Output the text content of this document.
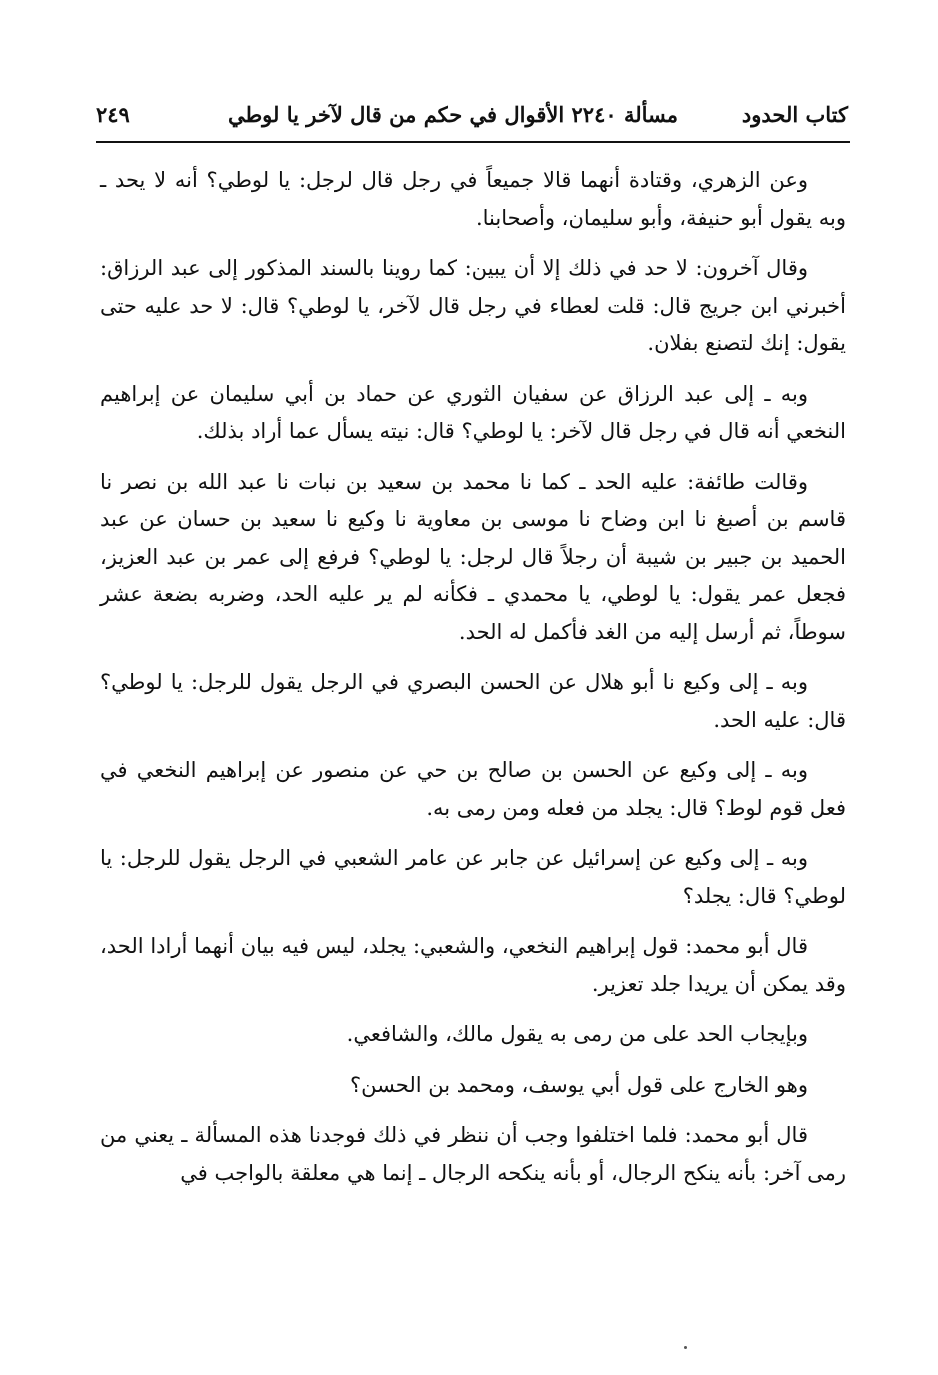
كتاب الحدود
مسألة ٢٢٤٠ الأقوال في حكم من قال لآخر يا لوطي
٢٤٩

وعن الزهري، وقتادة أنهما قالا جميعاً في رجل قال لرجل: يا لوطي؟ أنه لا يحد ـ وبه يقول أبو حنيفة، وأبو سليمان، وأصحابنا.

وقال آخرون: لا حد في ذلك إلا أن يبين: كما روينا بالسند المذكور إلى عبد الرزاق: أخبرني ابن جريج قال: قلت لعطاء في رجل قال لآخر، يا لوطي؟ قال: لا حد عليه حتى يقول: إنك لتصنع بفلان.

وبه ـ إلى عبد الرزاق عن سفيان الثوري عن حماد بن أبي سليمان عن إبراهيم النخعي أنه قال في رجل قال لآخر: يا لوطي؟ قال: نيته يسأل عما أراد بذلك.

وقالت طائفة: عليه الحد ـ كما نا محمد بن سعيد بن نبات نا عبد الله بن نصر نا قاسم بن أصبغ نا ابن وضاح نا موسى بن معاوية نا وكيع نا سعيد بن حسان عن عبد الحميد بن جبير بن شيبة أن رجلاً قال لرجل: يا لوطي؟ فرفع إلى عمر بن عبد العزيز، فجعل عمر يقول: يا لوطي، يا محمدي ـ فكأنه لم ير عليه الحد، وضربه بضعة عشر سوطاً، ثم أرسل إليه من الغد فأكمل له الحد.

وبه ـ إلى وكيع نا أبو هلال عن الحسن البصري في الرجل يقول للرجل: يا لوطي؟ قال: عليه الحد.

وبه ـ إلى وكيع عن الحسن بن صالح بن حي عن منصور عن إبراهيم النخعي في فعل قوم لوط؟ قال: يجلد من فعله ومن رمى به.

وبه ـ إلى وكيع عن إسرائيل عن جابر عن عامر الشعبي في الرجل يقول للرجل: يا لوطي؟ قال: يجلد؟

قال أبو محمد: قول إبراهيم النخعي، والشعبي: يجلد، ليس فيه بيان أنهما أرادا الحد، وقد يمكن أن يريدا جلد تعزير.

وبإيجاب الحد على من رمى به يقول مالك، والشافعي.

وهو الخارج على قول أبي يوسف، ومحمد بن الحسن؟

قال أبو محمد: فلما اختلفوا وجب أن ننظر في ذلك فوجدنا هذه المسألة ـ يعني من رمى آخر: بأنه ينكح الرجال، أو بأنه ينكحه الرجال ـ إنما هي معلقة بالواجب في
